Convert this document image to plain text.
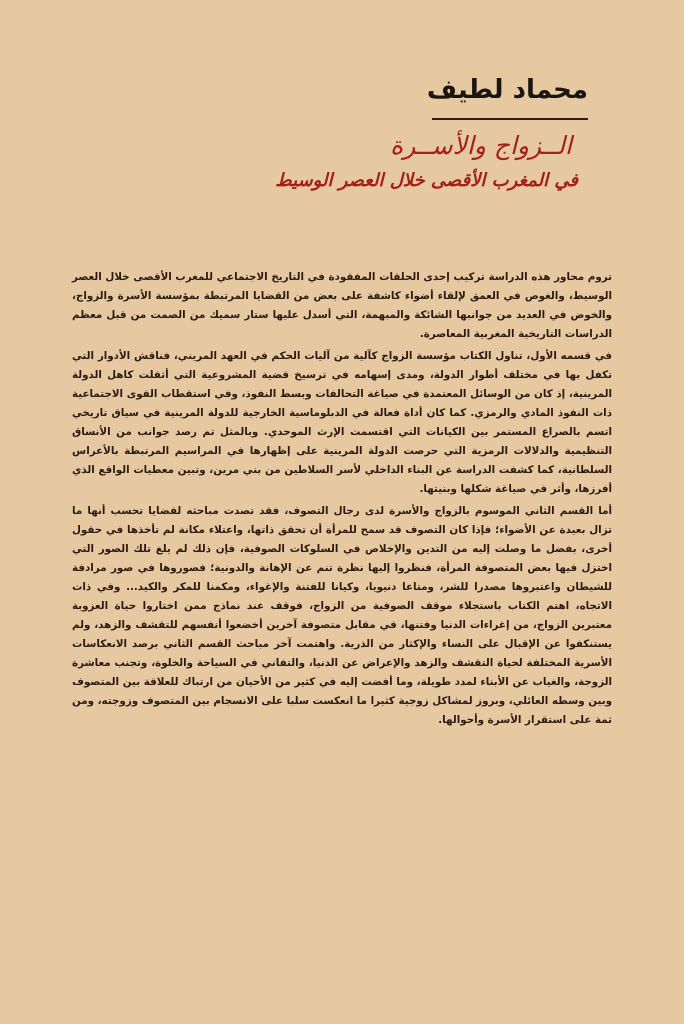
محماد لطيف
الــزواج والأســرة
في المغرب الأقصى خلال العصر الوسيط

تروم محاور هذه الدراسة تركيب إحدى الحلقات المفقودة في التاريخ الاجتماعي للمغرب الأقصى خلال العصر الوسيط، والغوص في العمق لإلقاء أضواء كاشفة على بعض من القضايا المرتبطة بمؤسسة الأسرة والزواج، والخوض في العديد من جوانبها الشائكة والمبهمة، التي أسدل عليها ستار سميك من الصمت من قبل معظم الدراسات التاريخية المغربية المعاصرة.

في قسمه الأول، تناول الكتاب مؤسسة الزواج كآلية من آليات الحكم في العهد المريني، فناقش الأدوار التي تكفل بها في مختلف أطوار الدولة، ومدى إسهامه في ترسيخ قضية المشروعية التي أثقلت كاهل الدولة المرينية، إذ كان من الوسائل المعتمدة في صياغة التحالفات وبسط النفوذ، وفي استقطاب القوى الاجتماعية ذات النفوذ المادي والرمزي. كما كان أداة فعالة في الدبلوماسية الخارجية للدولة المرينية في سياق تاريخي اتسم بالصراع المستمر بين الكيانات التي اقتسمت الإرث الموحدي. وبالمثل تم رصد جوانب من الأنساق التنظيمية والدلالات الرمزية التي حرصت الدولة المرينية على إظهارها في المراسيم المرتبطة بالأعراس السلطانية، كما كشفت الدراسة عن البناء الداخلي لأسر السلاطين من بني مرين، وتبين معطيات الواقع الذي أفرزها، وأثر في صياغة شكلها وبنيتها.

أما القسم الثاني الموسوم بالزواج والأسرة لدى رجال التصوف، فقد تصدت مباحثه لقضايا تحسب أنها ما تزال بعيدة عن الأضواء؛ فإذا كان التصوف قد سمح للمرأة أن تحقق ذاتها، واعتلاء مكانة لم تأخذها في حقول أخرى، بفضل ما وصلت إليه من التدين والإخلاص في السلوكات الصوفية، فإن ذلك لم يلغ تلك الصور التي اختزل فيها بعض المتصوفة المرأة، فنظروا إليها نظرة تنم عن الإهانة والدونية؛ فصوروها في صور مرادفة للشيطان واعتبروها مصدرا للشر، ومتاعا دنيويا، وكيانا للفتنة والإغواء، ومكمنا للمكر والكيد... وفي ذات الاتجاه، اهتم الكتاب باستجلاء موقف الصوفية من الزواج، فوقف عند نماذج ممن اختاروا حياة العزوبة معتبرين الزواج، من إغراءات الدنيا وفتنها، في مقابل متصوفة آخرين أخضعوا أنفسهم للتقشف والزهد، ولم يستنكفوا عن الإقبال على النساء والإكثار من الذرية. واهتمت آخر مباحث القسم الثاني برصد الانعكاسات الأسرية المختلفة لحياة التقشف والزهد والإعراض عن الدنيا، والتفاني في السياحة والخلوة، وتجنب معاشرة الزوجة، والغياب عن الأبناء لمدد طويلة، وما أفضت إليه في كثير من الأحيان من ارتباك للعلاقة بين المتصوف وبين وسطه العائلي، وبروز لمشاكل زوجية كثيرا ما انعكست سلبا على الانسجام بين المتصوف وزوجته، ومن ثمة على استقرار الأسرة وأحوالها.
